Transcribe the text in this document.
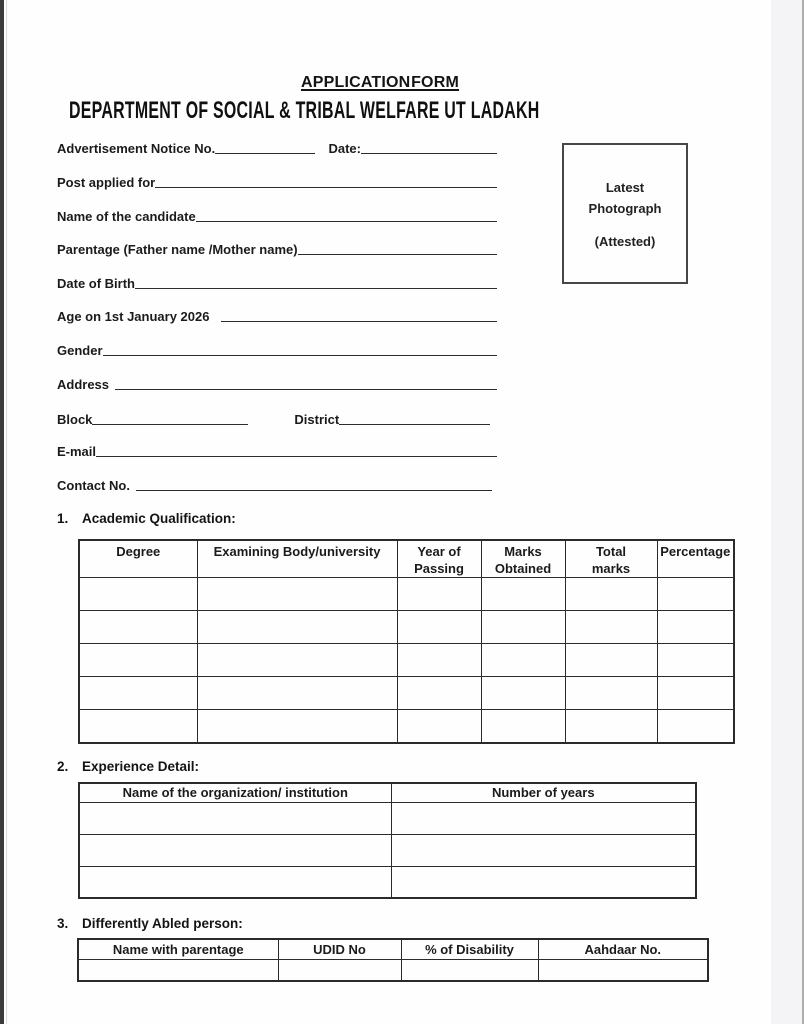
APPLICATION FORM
DEPARTMENT OF SOCIAL & TRIBAL WELFARE UT LADAKH
Latest
Photograph
(Attested)
Advertisement Notice No.	Date:
Post applied for
Name of the candidate
Parentage (Father name /Mother name)
Date of Birth
Age on 1st January 2026
Gender
Address
Block	District
E-mail
Contact No.
1.	Academic Qualification:
Degree	Examining Body/university	Year of Passing	Marks Obtained	Total marks	Percentage

2.	Experience Detail:
Name of the organization/ institution	Number of years

3.	Differently Abled person:
Name with parentage	UDID No	% of Disability	Aahdaar No.
